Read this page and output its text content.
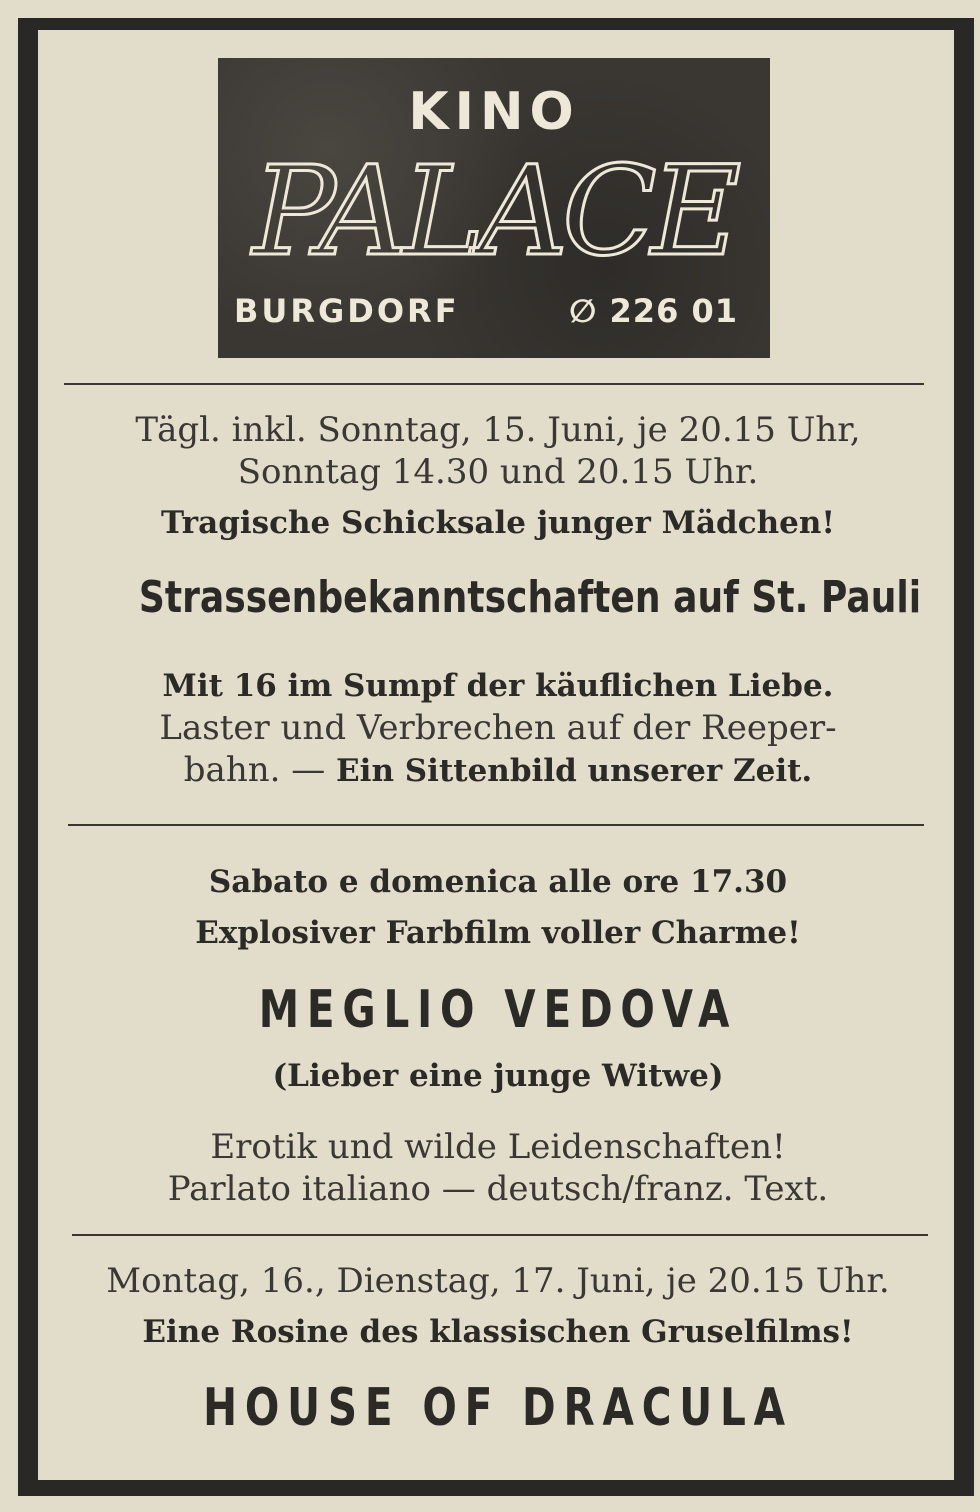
KINO
PALACE
BURGDORF	∅ 226 01
Tägl. inkl. Sonntag, 15. Juni, je 20.15 Uhr,
Sonntag 14.30 und 20.15 Uhr.
Tragische Schicksale junger Mädchen!
Strassenbekanntschaften auf St. Pauli
Mit 16 im Sumpf der käuflichen Liebe.
Laster und Verbrechen auf der Reeper-
bahn. — Ein Sittenbild unserer Zeit.
Sabato e domenica alle ore 17.30
Explosiver Farbfilm voller Charme!
MEGLIO VEDOVA
(Lieber eine junge Witwe)
Erotik und wilde Leidenschaften!
Parlato italiano — deutsch/franz. Text.
Montag, 16., Dienstag, 17. Juni, je 20.15 Uhr.
Eine Rosine des klassischen Gruselfilms!
HOUSE OF DRACULA
